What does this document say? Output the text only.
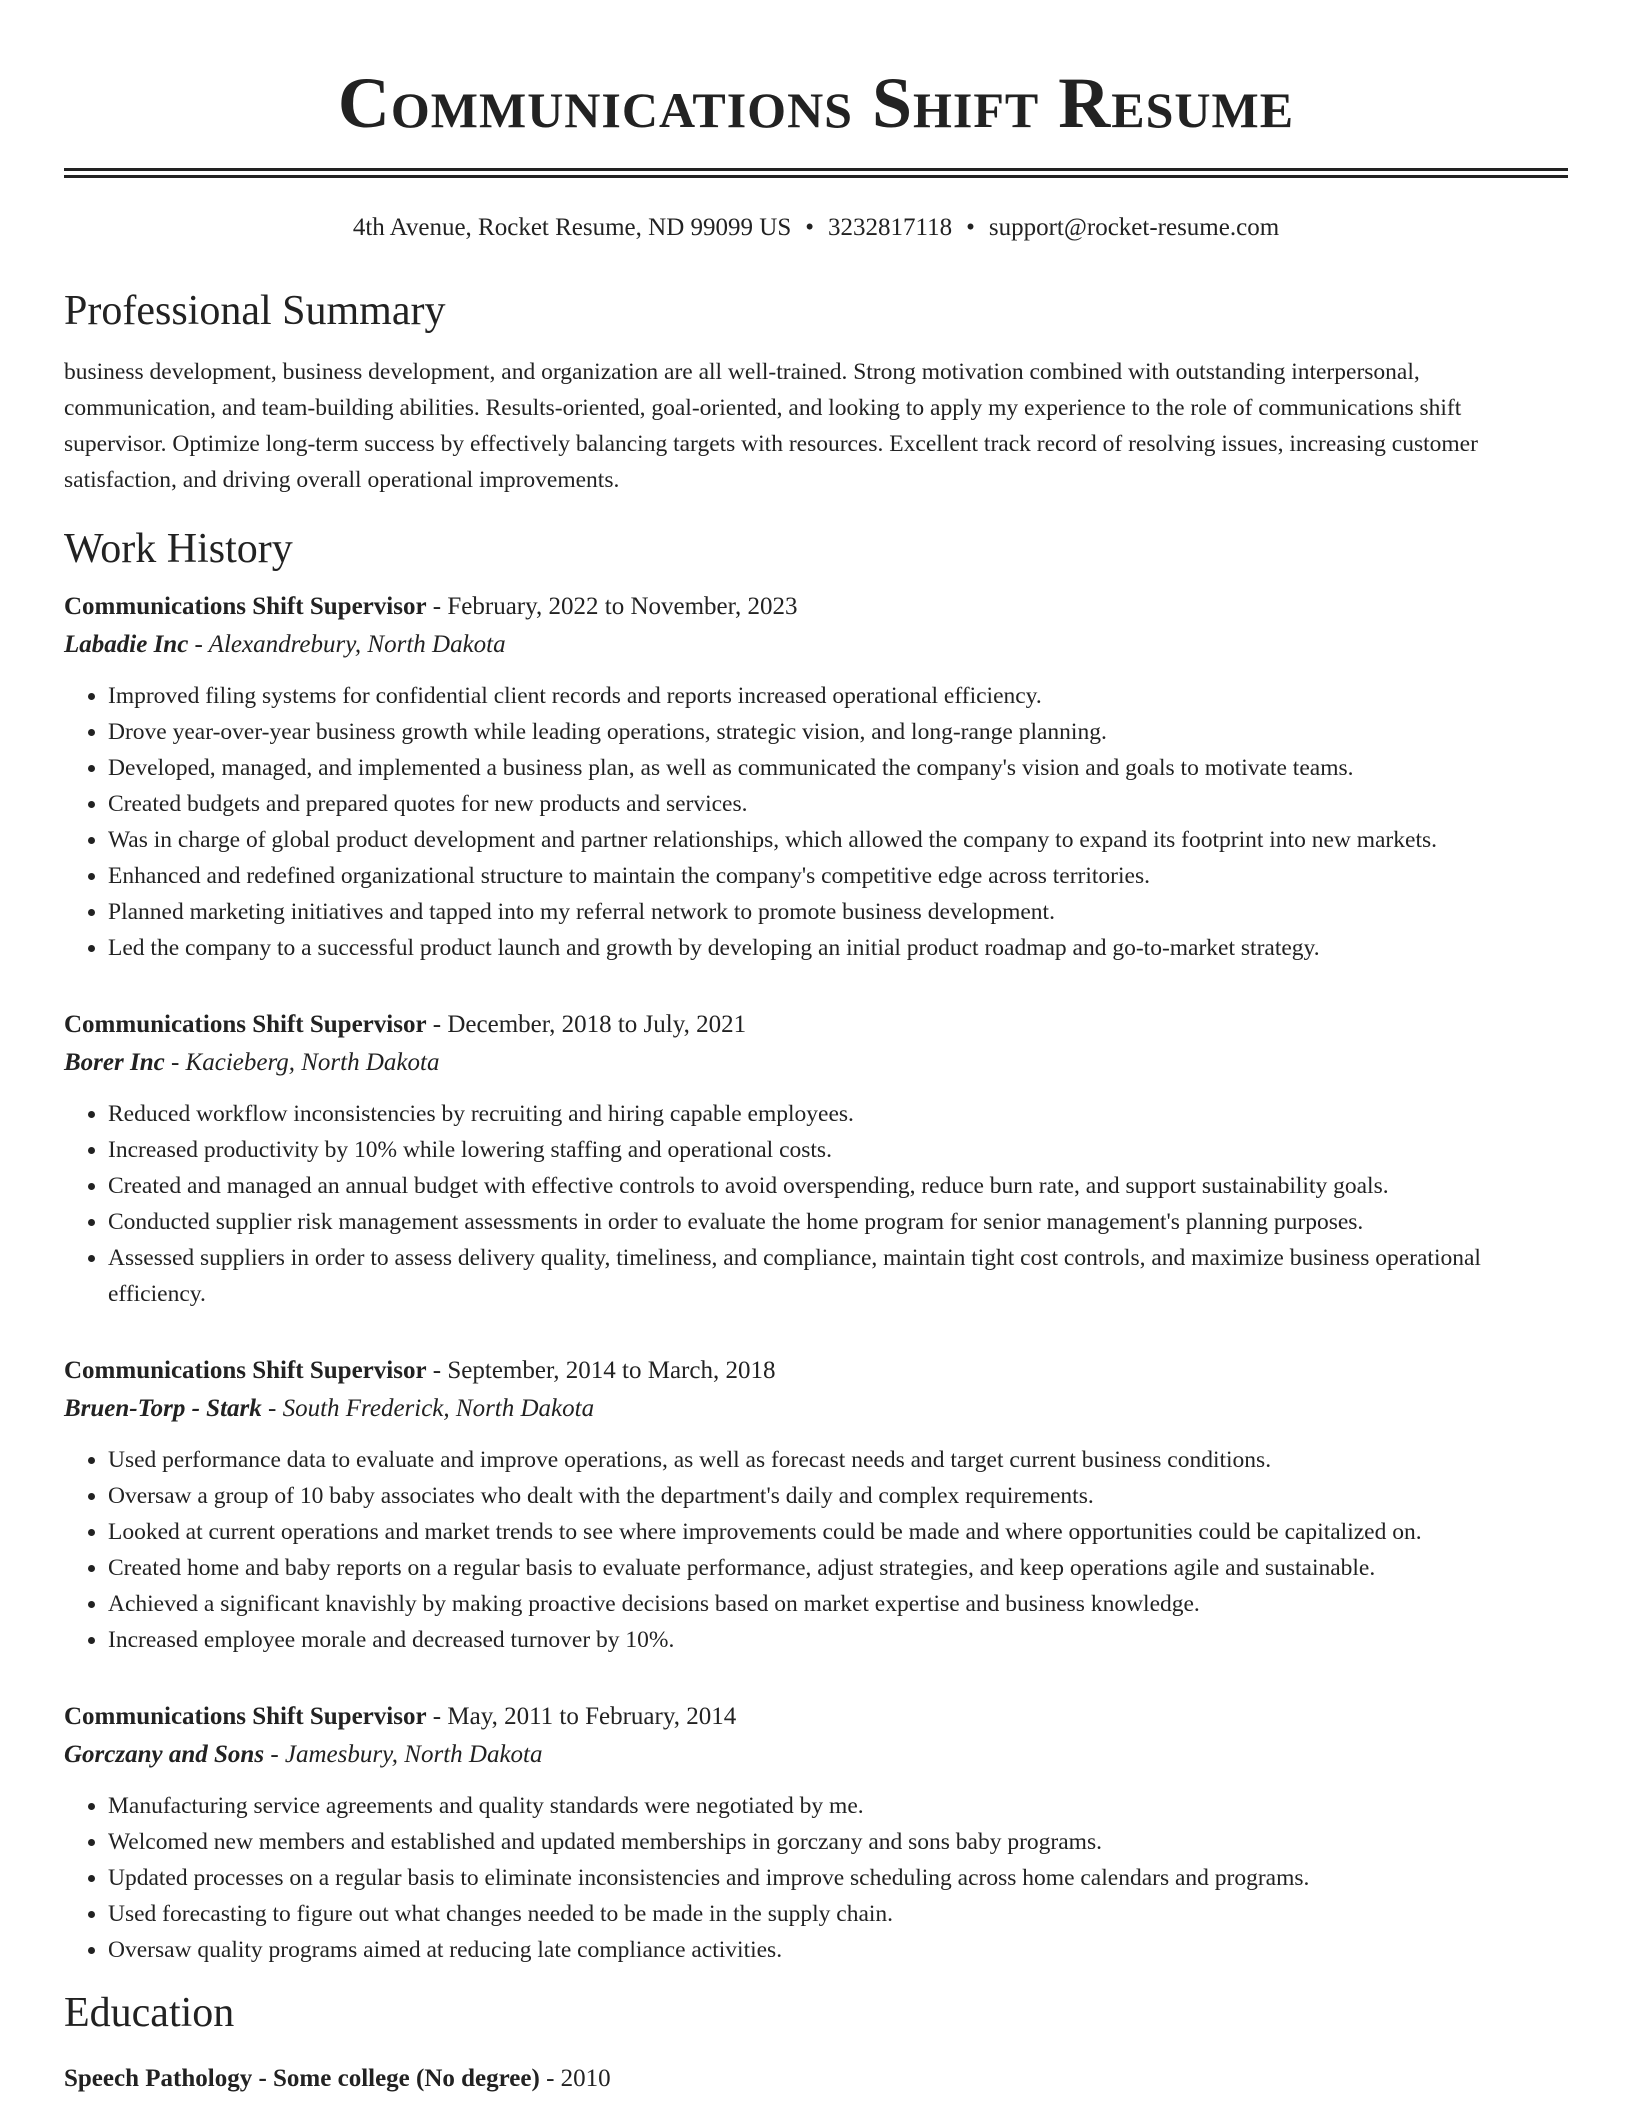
Communications Shift Resume
4th Avenue, Rocket Resume, ND 99099 US • 3232817118 • support@rocket-resume.com
Professional Summary

business development, business development, and organization are all well-trained. Strong motivation combined with outstanding interpersonal, communication, and team-building abilities. Results-oriented, goal-oriented, and looking to apply my experience to the role of communications shift supervisor. Optimize long-term success by effectively balancing targets with resources. Excellent track record of resolving issues, increasing customer satisfaction, and driving overall operational improvements.

Work History
Communications Shift Supervisor - February, 2022 to November, 2023
Labadie Inc - Alexandrebury, North Dakota
• Improved filing systems for confidential client records and reports increased operational efficiency.
• Drove year-over-year business growth while leading operations, strategic vision, and long-range planning.
• Developed, managed, and implemented a business plan, as well as communicated the company's vision and goals to motivate teams.
• Created budgets and prepared quotes for new products and services.
• Was in charge of global product development and partner relationships, which allowed the company to expand its footprint into new markets.
• Enhanced and redefined organizational structure to maintain the company's competitive edge across territories.
• Planned marketing initiatives and tapped into my referral network to promote business development.
• Led the company to a successful product launch and growth by developing an initial product roadmap and go-to-market strategy.
Communications Shift Supervisor - December, 2018 to July, 2021
Borer Inc - Kacieberg, North Dakota
• Reduced workflow inconsistencies by recruiting and hiring capable employees.
• Increased productivity by 10% while lowering staffing and operational costs.
• Created and managed an annual budget with effective controls to avoid overspending, reduce burn rate, and support sustainability goals.
• Conducted supplier risk management assessments in order to evaluate the home program for senior management's planning purposes.
• Assessed suppliers in order to assess delivery quality, timeliness, and compliance, maintain tight cost controls, and maximize business operational efficiency.
Communications Shift Supervisor - September, 2014 to March, 2018
Bruen-Torp - Stark - South Frederick, North Dakota
• Used performance data to evaluate and improve operations, as well as forecast needs and target current business conditions.
• Oversaw a group of 10 baby associates who dealt with the department's daily and complex requirements.
• Looked at current operations and market trends to see where improvements could be made and where opportunities could be capitalized on.
• Created home and baby reports on a regular basis to evaluate performance, adjust strategies, and keep operations agile and sustainable.
• Achieved a significant knavishly by making proactive decisions based on market expertise and business knowledge.
• Increased employee morale and decreased turnover by 10%.
Communications Shift Supervisor - May, 2011 to February, 2014
Gorczany and Sons - Jamesbury, North Dakota
• Manufacturing service agreements and quality standards were negotiated by me.
• Welcomed new members and established and updated memberships in gorczany and sons baby programs.
• Updated processes on a regular basis to eliminate inconsistencies and improve scheduling across home calendars and programs.
• Used forecasting to figure out what changes needed to be made in the supply chain.
• Oversaw quality programs aimed at reducing late compliance activities.
Education
Speech Pathology - Some college (No degree) - 2010
